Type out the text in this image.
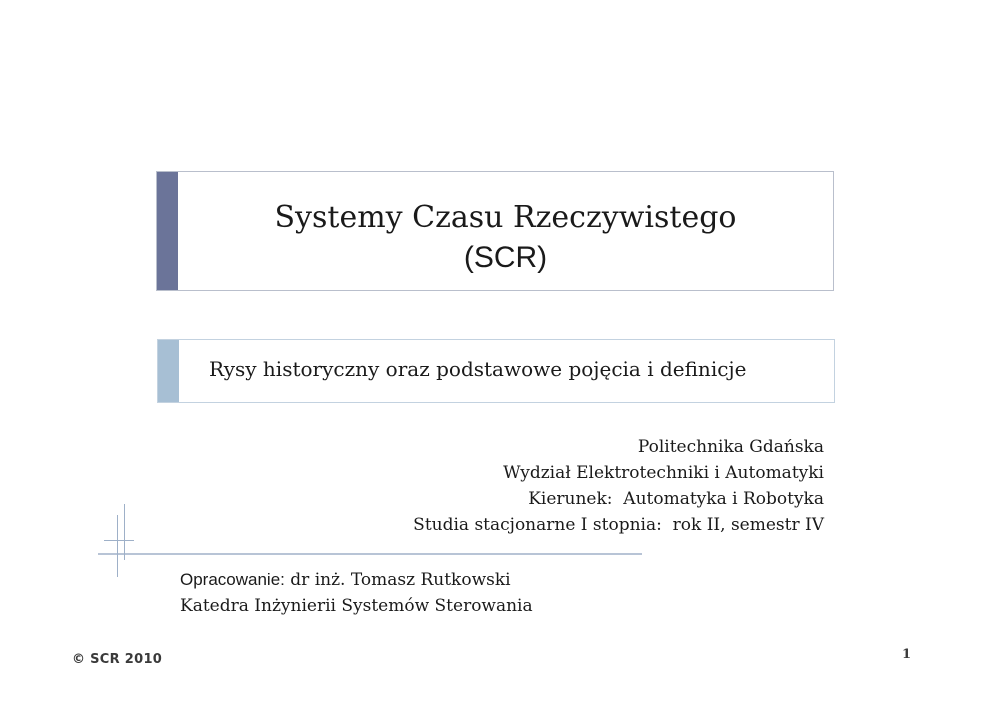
Systemy Czasu Rzeczywistego
(SCR)
Rysy historyczny oraz podstawowe pojęcia i definicje
Politechnika Gdańska
Wydział Elektrotechniki i Automatyki
Kierunek:  Automatyka i Robotyka
Studia stacjonarne I stopnia:  rok II, semestr IV
Opracowanie: dr inż. Tomasz Rutkowski
Katedra Inżynierii Systemów Sterowania
© SCR 2010	1
